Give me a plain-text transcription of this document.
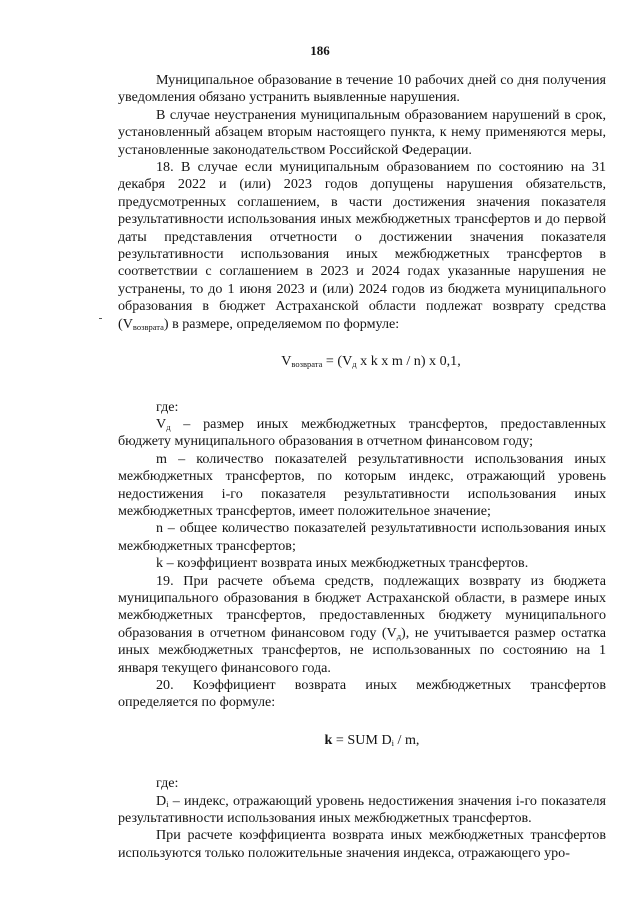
186

Муниципальное образование в течение 10 рабочих дней со дня получения уведомления обязано устранить выявленные нарушения.

В случае неустранения муниципальным образованием нарушений в срок, установленный абзацем вторым настоящего пункта, к нему применяются меры, установленные законодательством Российской Федерации.

18. В случае если муниципальным образованием по состоянию на 31 декабря 2022 и (или) 2023 годов допущены нарушения обязательств, предусмотренных соглашением, в части достижения значения показателя результативности использования иных межбюджетных трансфертов и до первой даты представления отчетности о достижении значения показателя результативности использования иных межбюджетных трансфертов в соответствии с соглашением в 2023 и 2024 годах указанные нарушения не устранены, то до 1 июня 2023 и (или) 2024 годов из бюджета муниципального образования в бюджет Астраханской области подлежат возврату средства $(V_{возврата})$ в размере, определяемом по формуле:

$V_{возврата} = (V_д$ x k x m / n) x 0,1,

где:

$V_д$ – размер иных межбюджетных трансфертов, предоставленных бюджету муниципального образования в отчетном финансовом году;

m – количество показателей результативности использования иных межбюджетных трансфертов, по которым индекс, отражающий уровень недостижения i-го показателя результативности использования иных межбюджетных трансфертов, имеет положительное значение;

n – общее количество показателей результативности использования иных межбюджетных трансфертов;

k – коэффициент возврата иных межбюджетных трансфертов.

19. При расчете объема средств, подлежащих возврату из бюджета муниципального образования в бюджет Астраханской области, в размере иных межбюджетных трансфертов, предоставленных бюджету муниципального образования в отчетном финансовом году $(V_д)$, не учитывается размер остатка иных межбюджетных трансфертов, не использованных по состоянию на 1 января текущего финансового года.

20. Коэффициент возврата иных межбюджетных трансфертов определяется по формуле:

k = SUM $D_i$ / m,

где:

$D_i$ – индекс, отражающий уровень недостижения значения i-го показателя результативности использования иных межбюджетных трансфертов.

При расчете коэффициента возврата иных межбюджетных трансфертов используются только положительные значения индекса, отражающего уро-
